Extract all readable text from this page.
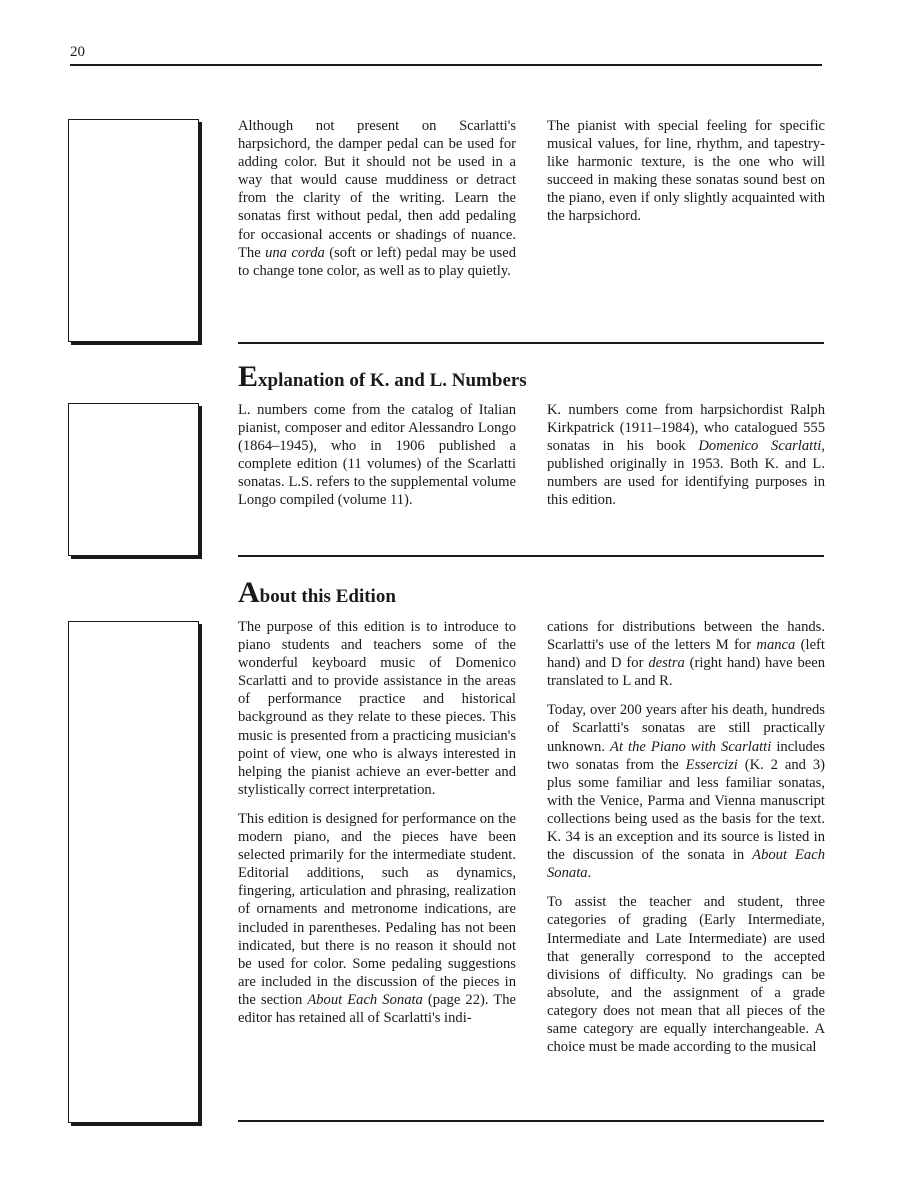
20

Although not present on Scarlatti's harpsichord, the damper pedal can be used for adding color. But it should not be used in a way that would cause muddiness or detract from the clarity of the writing. Learn the sonatas first without pedal, then add pedaling for occasional accents or shadings of nuance. The una corda (soft or left) pedal may be used to change tone color, as well as to play quietly.

The pianist with special feeling for specific musical values, for line, rhythm, and tapestry-like harmonic texture, is the one who will succeed in making these sonatas sound best on the piano, even if only slightly acquainted with the harpsichord.

Explanation of K. and L. Numbers

L. numbers come from the catalog of Italian pianist, composer and editor Alessandro Longo (1864–1945), who in 1906 published a complete edition (11 volumes) of the Scarlatti sonatas. L.S. refers to the supplemental volume Longo compiled (volume 11).

K. numbers come from harpsichordist Ralph Kirkpatrick (1911–1984), who catalogued 555 sonatas in his book Domenico Scarlatti, published originally in 1953. Both K. and L. numbers are used for identifying purposes in this edition.

About this Edition

The purpose of this edition is to introduce to piano students and teachers some of the wonderful keyboard music of Domenico Scarlatti and to provide assistance in the areas of performance practice and historical background as they relate to these pieces. This music is presented from a practicing musician's point of view, one who is always interested in helping the pianist achieve an ever-better and stylistically correct interpretation.

This edition is designed for performance on the modern piano, and the pieces have been selected primarily for the intermediate student. Editorial additions, such as dynamics, fingering, articulation and phrasing, realization of ornaments and metronome indications, are included in parentheses. Pedaling has not been indicated, but there is no reason it should not be used for color. Some pedaling suggestions are included in the discussion of the pieces in the section About Each Sonata (page 22). The editor has retained all of Scarlatti's indi-

cations for distributions between the hands. Scarlatti's use of the letters M for manca (left hand) and D for destra (right hand) have been translated to L and R.

Today, over 200 years after his death, hundreds of Scarlatti's sonatas are still practically unknown. At the Piano with Scarlatti includes two sonatas from the Essercizi (K. 2 and 3) plus some familiar and less familiar sonatas, with the Venice, Parma and Vienna manuscript collections being used as the basis for the text. K. 34 is an exception and its source is listed in the discussion of the sonata in About Each Sonata.

To assist the teacher and student, three categories of grading (Early Intermediate, Intermediate and Late Intermediate) are used that generally correspond to the accepted divisions of difficulty. No gradings can be absolute, and the assignment of a grade category does not mean that all pieces of the same category are equally interchangeable. A choice must be made according to the musical
